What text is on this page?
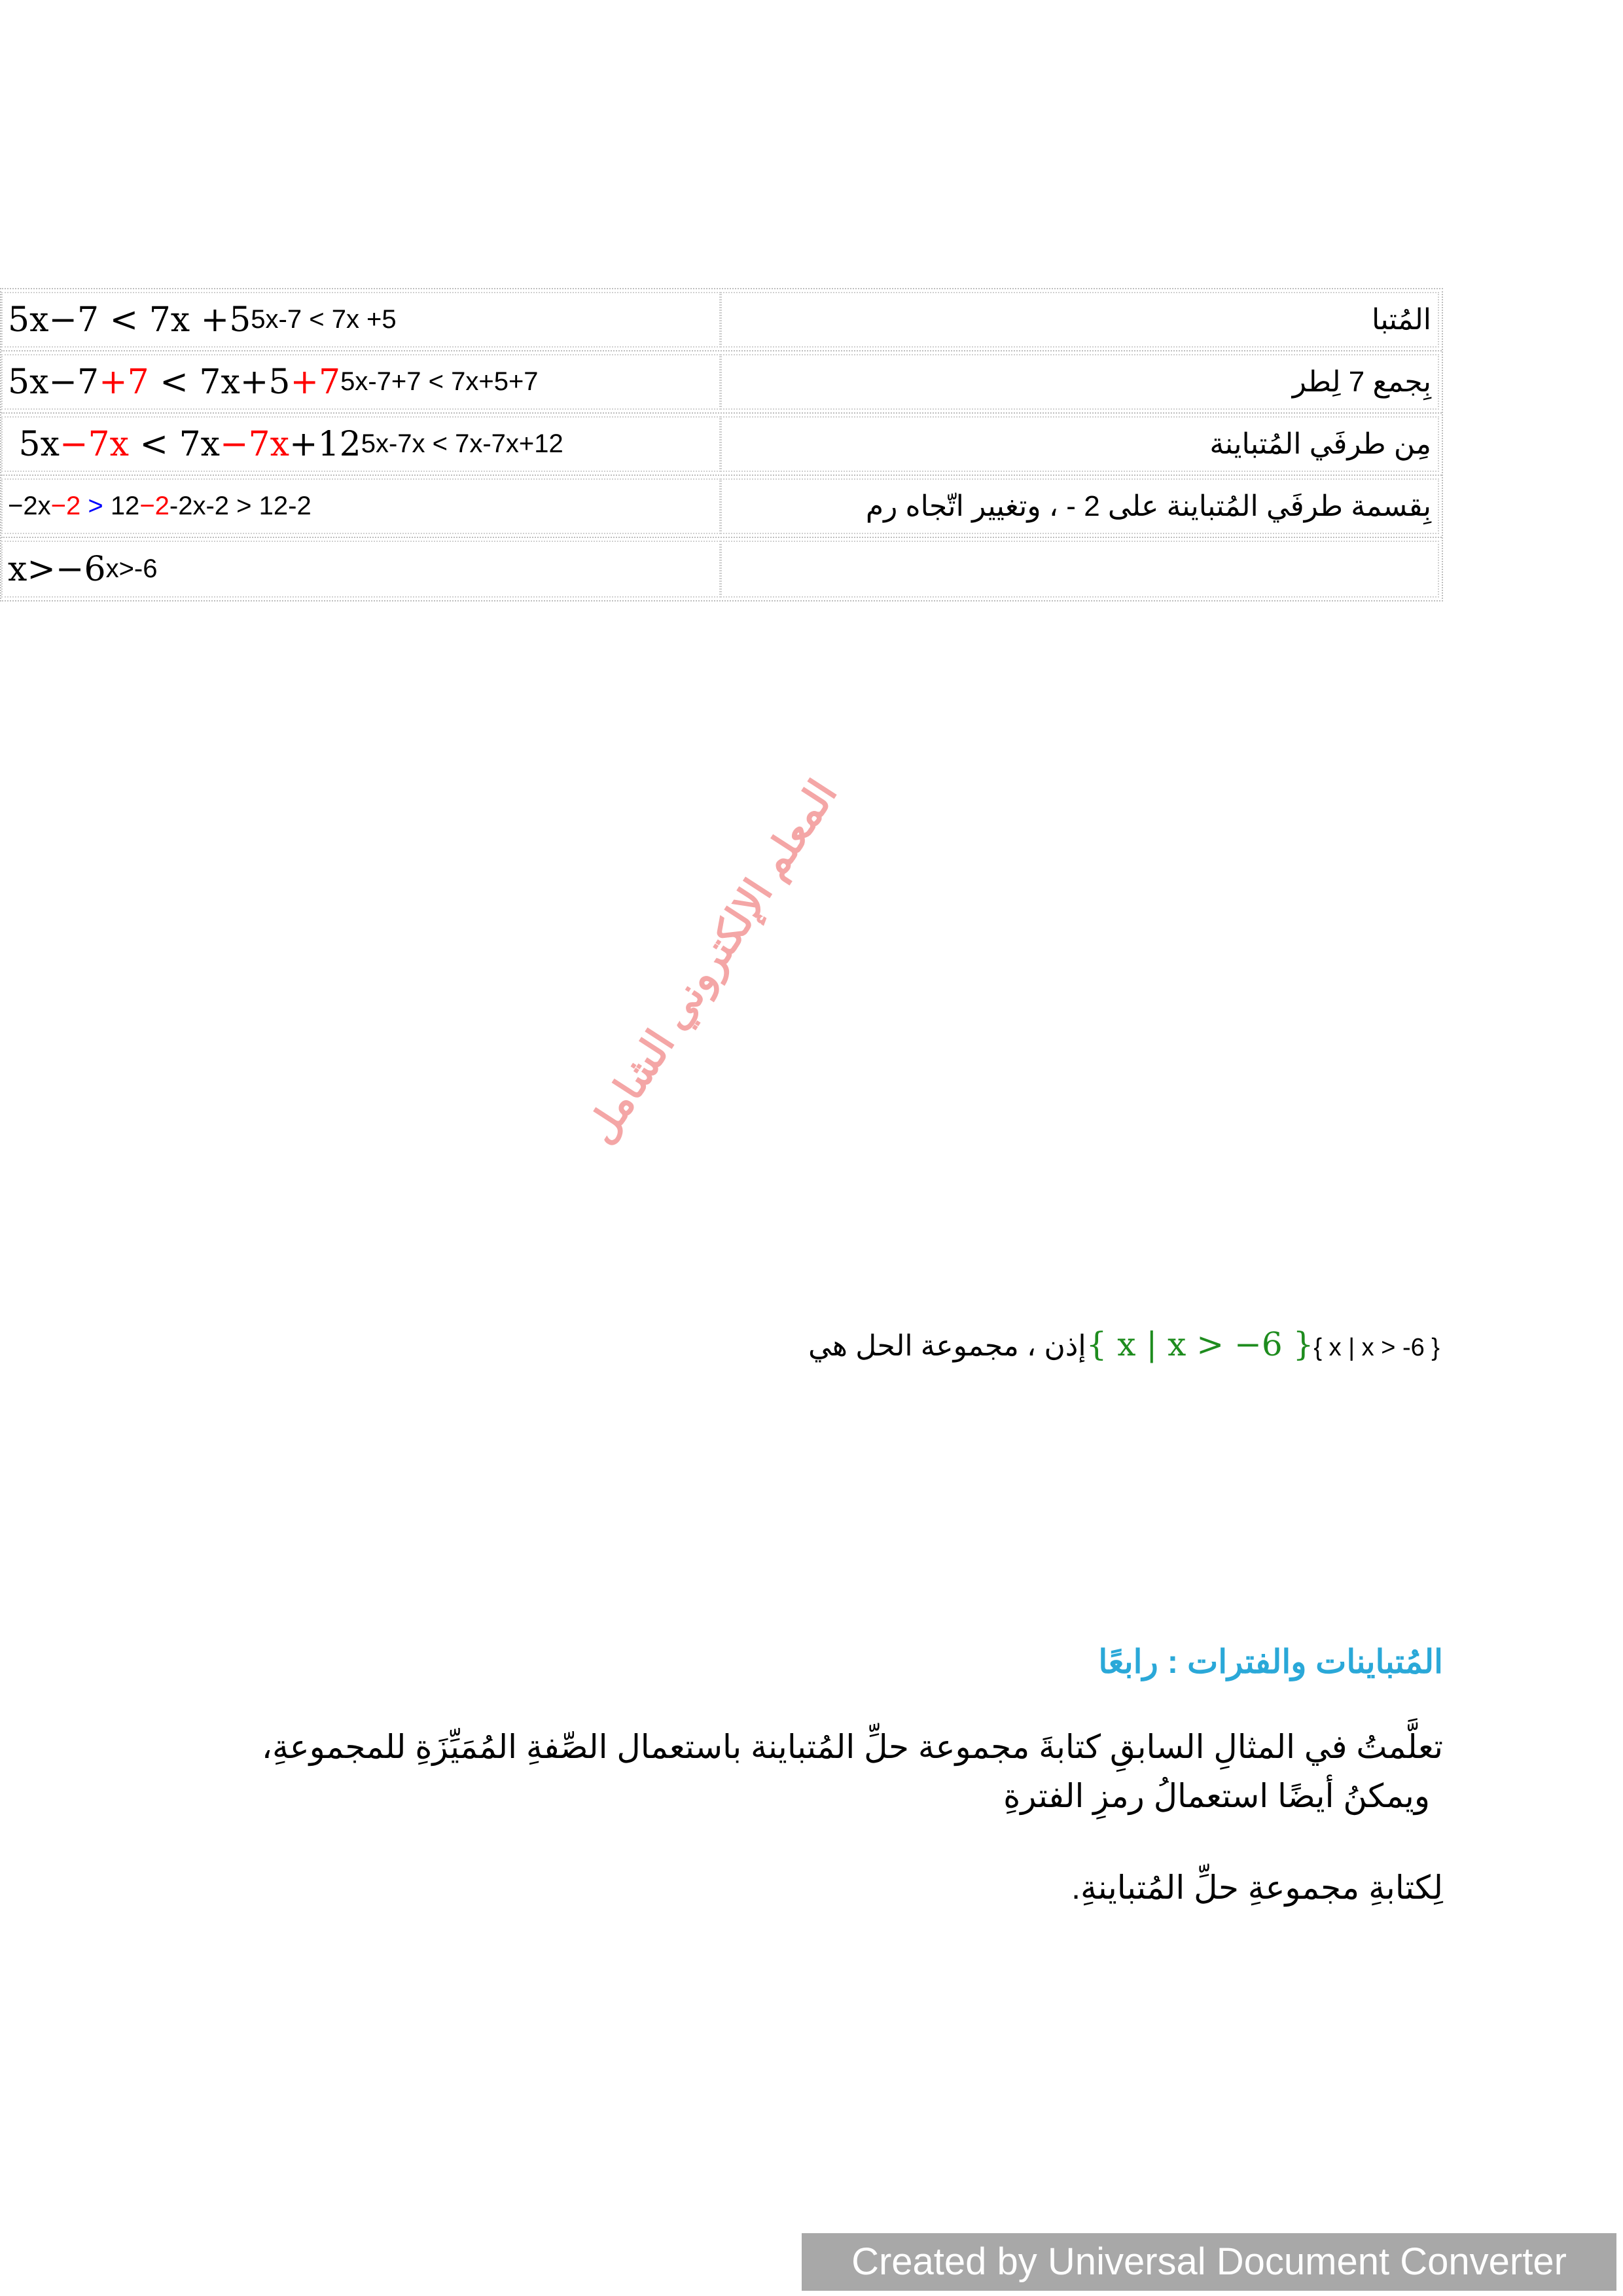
5x−7 < 7x +5 5x-7 < 7x +5	المُتبا
5x−7 +7 < 7x+5 +7 5x-7+7 < 7x+5+7	بِجمع 7 لِطر
5x −7x < 7x −7x +12 5x-7x < 7x-7x+12	مِن طرفَي المُتباينة
−2x −2 > 12 −2 -2x-2 > 12-2	بِقسمة طرفَي المُتباينة على 2 - ، وتغيير اتّجاه رم
x>−6 x>-6
المعلم الإلكتروني الشامل
إذن ، مجموعة الحل هي { x | x > −6 } { x | x > -6 }
المُتباينات والفترات : رابعًا
تعلَّمتُ في المثالِ السابقِ كتابةَ مجموعة حلِّ المُتباينة باستعمال الصِّفةِ المُمَيِّزَةِ للمجموعةِ،
ويمكنُ أيضًا استعمالُ رمزِ الفترةِ
لِكتابةِ مجموعةِ حلِّ المُتباينةِ.
Created by Universal Document Converter
